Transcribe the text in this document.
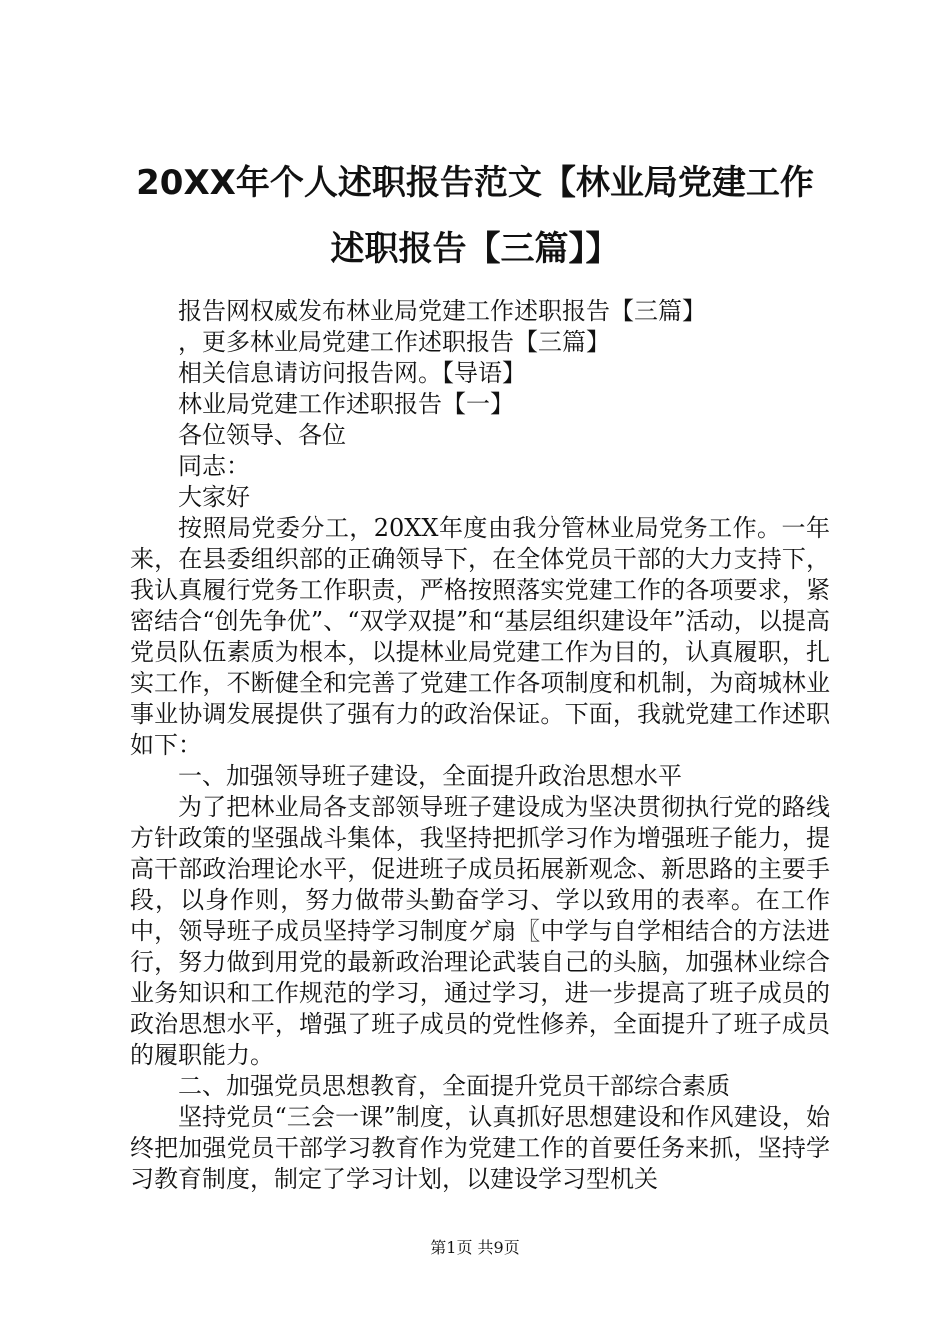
20XX年个人述职报告范文【林业局党建工作
述职报告【三篇】】
报告网权威发布林业局党建工作述职报告【三篇】
，更多林业局党建工作述职报告【三篇】
相关信息请访问报告网。【导语】
林业局党建工作述职报告【一】
各位领导、各位
同志：
大家好

按照局党委分工，20XX年度由我分管林业局党务工作。一年来，在县委组织部的正确领导下，在全体党员干部的大力支持下，我认真履行党务工作职责，严格按照落实党建工作的各项要求，紧密结合“创先争优”、“双学双提”和“基层组织建设年”活动，以提高党员队伍素质为根本，以提林业局党建工作为目的，认真履职，扎实工作，不断健全和完善了党建工作各项制度和机制，为商城林业事业协调发展提供了强有力的政治保证。下面，我就党建工作述职如下：

一、加强领导班子建设，全面提升政治思想水平

为了把林业局各支部领导班子建设成为坚决贯彻执行党的路线方针政策的坚强战斗集体，我坚持把抓学习作为增强班子能力，提高干部政治理论水平，促进班子成员拓展新观念、新思路的主要手段，以身作则，努力做带头勤奋学习、学以致用的表率。在工作中，领导班子成员坚持学习制度ゲ扇〖中学与自学相结合的方法进行，努力做到用党的最新政治理论武装自己的头脑，加强林业综合业务知识和工作规范的学习，通过学习，进一步提高了班子成员的政治思想水平，增强了班子成员的党性修养，全面提升了班子成员的履职能力。

二、加强党员思想教育，全面提升党员干部综合素质

坚持党员“三会一课”制度，认真抓好思想建设和作风建设，始终把加强党员干部学习教育作为党建工作的首要任务来抓，坚持学习教育制度，制定了学习计划，以建设学习型机关

第1页 共9页
